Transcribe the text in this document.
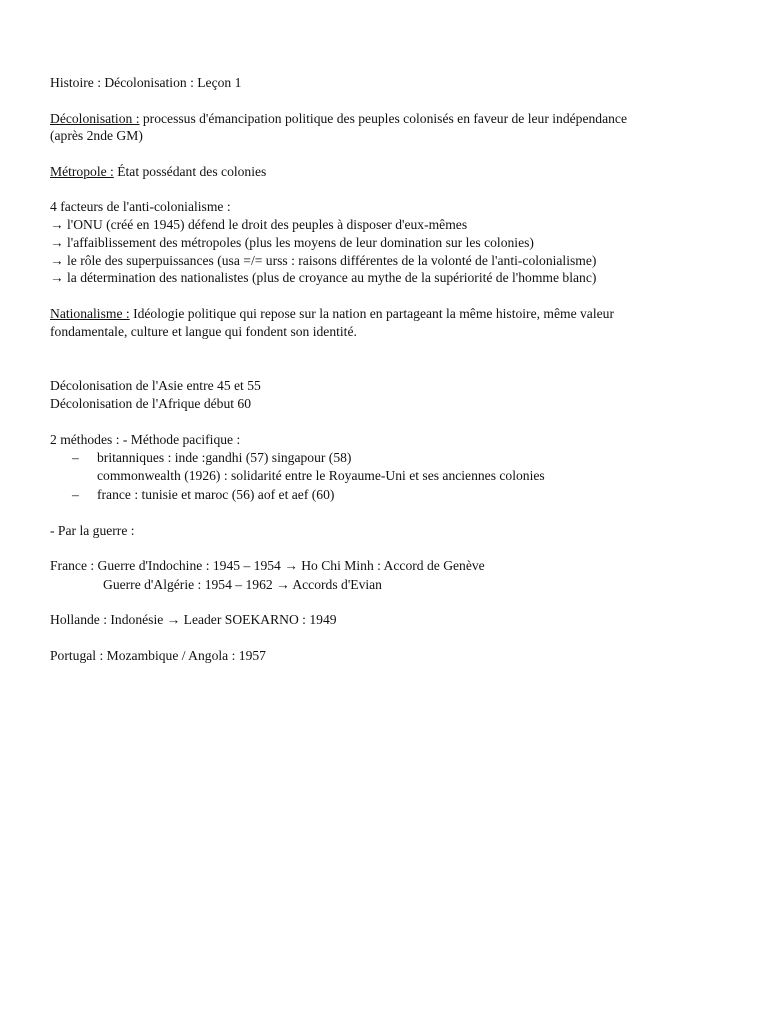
Histoire : Décolonisation : Leçon 1
Décolonisation : processus d'émancipation politique des peuples colonisés en faveur de leur indépendance
(après 2nde GM)
Métropole : État possédant des colonies
4 facteurs de l'anti-colonialisme :
→ l'ONU (créé en 1945) défend le droit des peuples à disposer d'eux-mêmes
→ l'affaiblissement des métropoles (plus les moyens de leur domination sur les colonies)
→ le rôle des superpuissances (usa =/= urss : raisons différentes de la volonté de l'anti-colonialisme)
→ la détermination des nationalistes (plus de croyance au mythe de la supériorité de l'homme blanc)
Nationalisme : Idéologie politique qui repose sur la nation en partageant la même histoire, même valeur
fondamentale, culture et langue qui fondent son identité.
Décolonisation de l'Asie entre 45 et 55
Décolonisation de l'Afrique début 60
2 méthodes : - Méthode pacifique :
– britanniques : inde :gandhi (57) singapour (58)
commonwealth (1926) : solidarité entre le Royaume-Uni et ses anciennes colonies
– france : tunisie et maroc (56) aof et aef (60)
- Par la guerre :
France : Guerre d'Indochine : 1945 – 1954 → Ho Chi Minh : Accord de Genève
Guerre d'Algérie : 1954 – 1962 → Accords d'Evian
Hollande : Indonésie → Leader SOEKARNO : 1949
Portugal : Mozambique / Angola : 1957
